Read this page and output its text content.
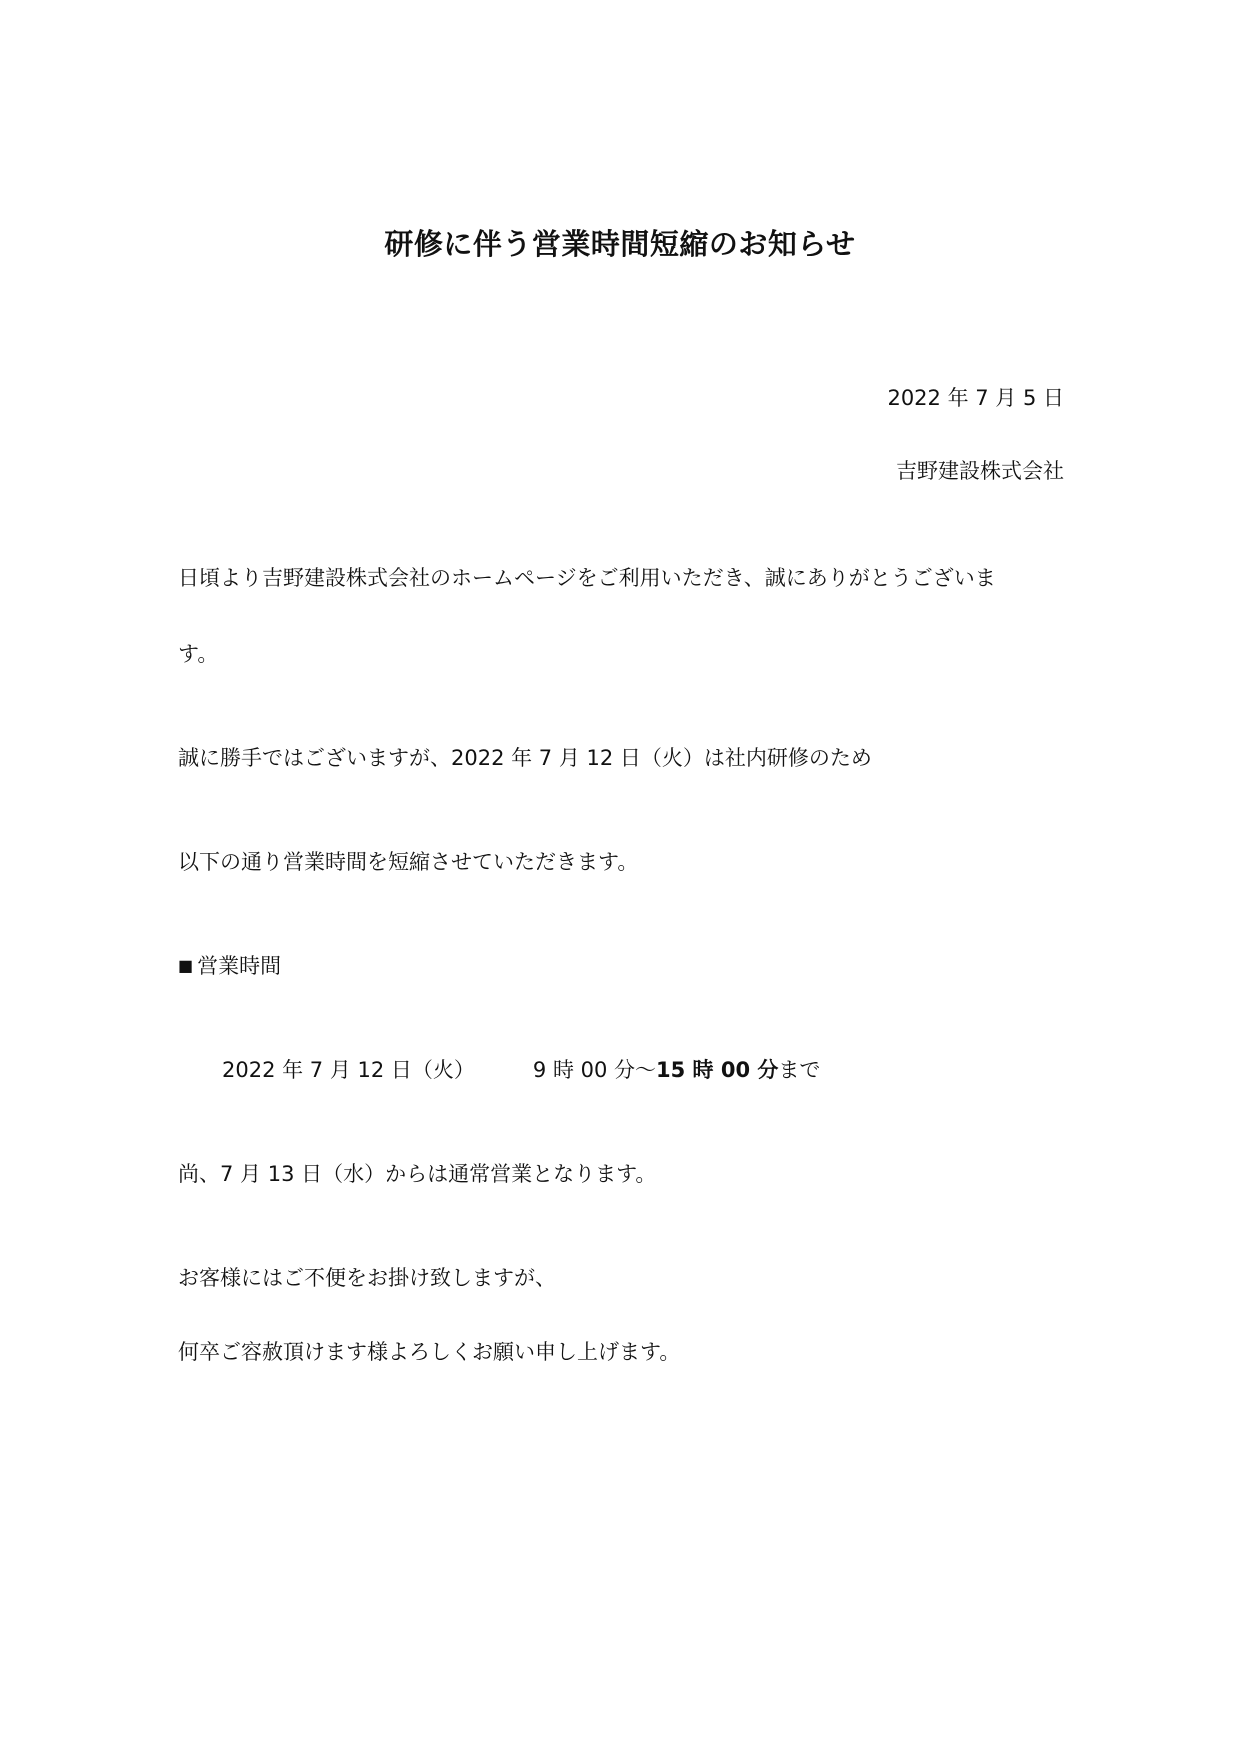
研修に伴う営業時間短縮のお知らせ
2022 年 7 月 5 日
吉野建設株式会社
日頃より吉野建設株式会社のホームページをご利用いただき、誠にありがとうございま
す。
誠に勝手ではございますが、2022 年 7 月 12 日（火）は社内研修のため
以下の通り営業時間を短縮させていただきます。
■ 営業時間
2022 年 7 月 12 日（火）	9 時 00 分～15 時 00 分まで
尚、7 月 13 日（水）からは通常営業となります。
お客様にはご不便をお掛け致しますが、
何卒ご容赦頂けます様よろしくお願い申し上げます。
